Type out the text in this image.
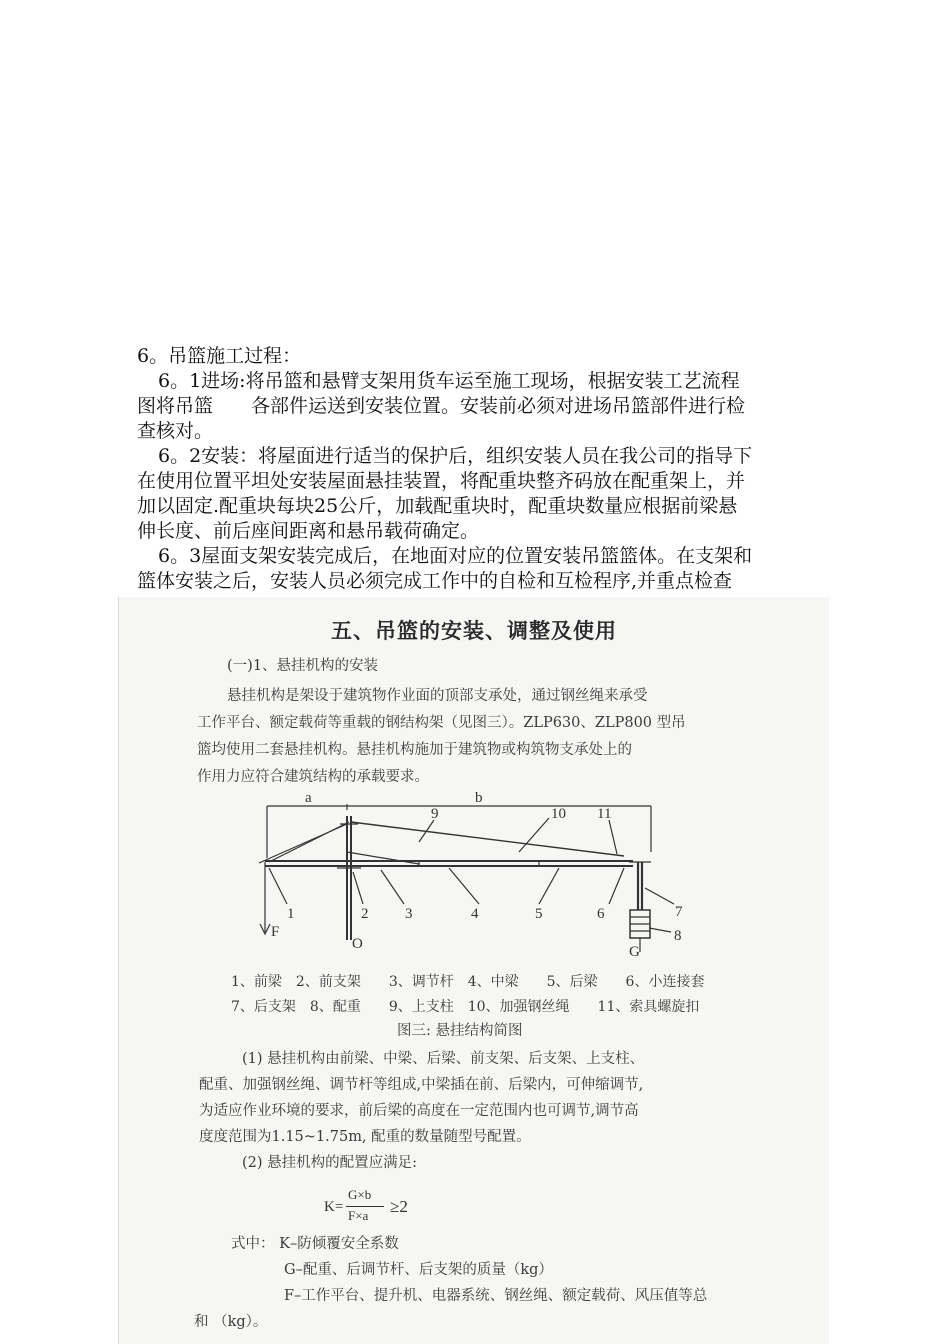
6。吊篮施工过程：
6。1进场:将吊篮和悬臂支架用货车运至施工现场，根据安装工艺流程
图将吊篮　　各部件运送到安装位置。安装前必须对进场吊篮部件进行检
查核对。
6。2安装：将屋面进行适当的保护后，组织安装人员在我公司的指导下
在使用位置平坦处安装屋面悬挂装置，将配重块整齐码放在配重架上，并
加以固定.配重块每块25公斤，加载配重块时，配重块数量应根据前梁悬
伸长度、前后座间距离和悬吊载荷确定。
6。3屋面支架安装完成后，在地面对应的位置安装吊篮篮体。在支架和
篮体安装之后，安装人员必须完成工作中的自检和互检程序,并重点检查
五、吊篮的安装、调整及使用
(一)1、悬挂机构的安装
悬挂机构是架设于建筑物作业面的顶部支承处，通过钢丝绳来承受
工作平台、额定载荷等重载的钢结构架（见图三）。ZLP630、ZLP800 型吊
篮均使用二套悬挂机构。悬挂机构施加于建筑物或构筑物支承处上的
作用力应符合建筑结构的承载要求。
a	b
9	10 11
1	2 3	4	5	6	7
8
F
O	G
1、前梁　2、前支架　　3、调节杆　4、中梁　　5、后梁　　6、小连接套
7、后支架　8、配重　　9、上支柱　10、加强钢丝绳　　11、索具螺旋扣
图三: 悬挂结构简图
(1) 悬挂机构由前梁、中梁、后梁、前支架、后支架、上支柱、
配重、加强钢丝绳、调节杆等组成,中梁插在前、后梁内，可伸缩调节,
为适应作业环境的要求，前后梁的高度在一定范围内也可调节,调节高
度度范围为1.15~1.75m, 配重的数量随型号配置。
(2) 悬挂机构的配置应满足:
K=
G×b
F×a ≥2
式中： K–防倾覆安全系数
G–配重、后调节杆、后支架的质量（kg）
F–工作平台、提升机、电器系统、钢丝绳、额定载荷、风压值等总
和 （kg）。
